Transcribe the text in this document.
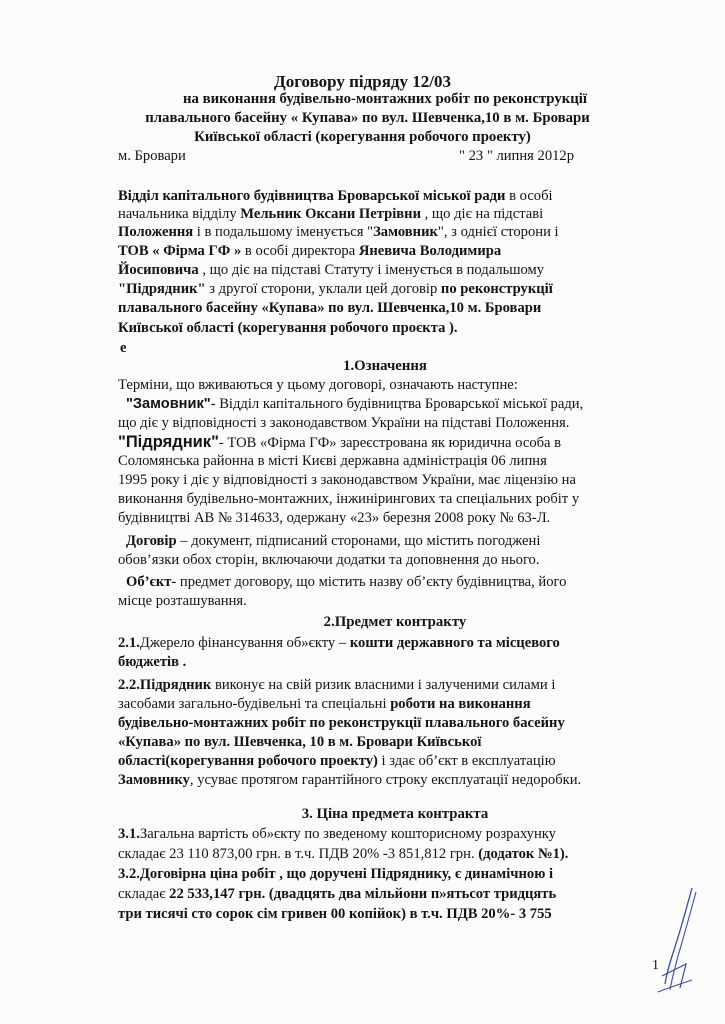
Договору підряду 12/03
на виконання будівельно-монтажних робіт по реконструкції
плавального басейну « Купава» по вул. Шевченка,10 в м. Бровари
Київської області (корегування робочого проекту)
м. Бровари	" 23 " липня 2012р
Відділ капітального будівництва Броварської міської ради в особі
начальника відділу Мельник Оксани Петрівни , що діє на підставі
Положення і в подальшому іменується "Замовник", з однієї сторони і
ТОВ « Фірма ГФ » в особі директора Яневича Володимира
Йосиповича , що діє на підставі Статуту і іменується в подальшому
"Підрядник" з другої сторони, уклали цей договір по реконструкції
плавального басейну «Купава» по вул. Шевченка,10 м. Бровари
Київської області (корегування робочого проєкта ).
е
1.Означення
Терміни, що вживаються у цьому договорі, означають наступне:
"Замовник"- Відділ капітального будівництва Броварської міської ради,
що діє у відповідності з законодавством України на підставі Положення.
"Підрядник"- ТОВ «Фірма ГФ» зареєстрована як юридична особа в
Соломянська районна в місті Києві державна адміністрація 06 липня
1995 року і діє у відповідності з законодавством України, має ліцензію на
виконання будівельно-монтажних, інжинірингових та спеціальних робіт у
будівництві АВ № 314633, одержану «23» березня 2008 року № 63-Л.
Договір – документ, підписаний сторонами, що містить погоджені
обов’язки обох сторін, включаючи додатки та доповнення до нього.
Об’єкт- предмет договору, що містить назву об’єкту будівництва, його
місце розташування.
2.Предмет контракту
2.1.Джерело фінансування об»єкту – кошти державного та місцевого
бюджетів .
2.2.Підрядник виконує на свій ризик власними і залученими силами і
засобами загально-будівельні та спеціальні роботи на виконання
будівельно-монтажних робіт по реконструкції плавального басейну
«Купава» по вул. Шевченка, 10 в м. Бровари Київської
області(корегування робочого проекту) і здає об’єкт в експлуатацію
Замовнику, усуває протягом гарантійного строку експлуатації недоробки.
3. Ціна предмета контракта
3.1.Загальна вартість об»єкту по зведеному кошторисному розрахунку
складає 23 110 873,00 грн. в т.ч. ПДВ 20% -3 851,812 грн. (додаток №1).
3.2.Договірна ціна робіт , що доручені Підряднику, є динамічною і
складає 22 533,147 грн. (двадцять два мільйони п»ятьсот тридцять
три тисячі сто сорок сім гривен 00 копійок) в т.ч. ПДВ 20%- 3 755
1
